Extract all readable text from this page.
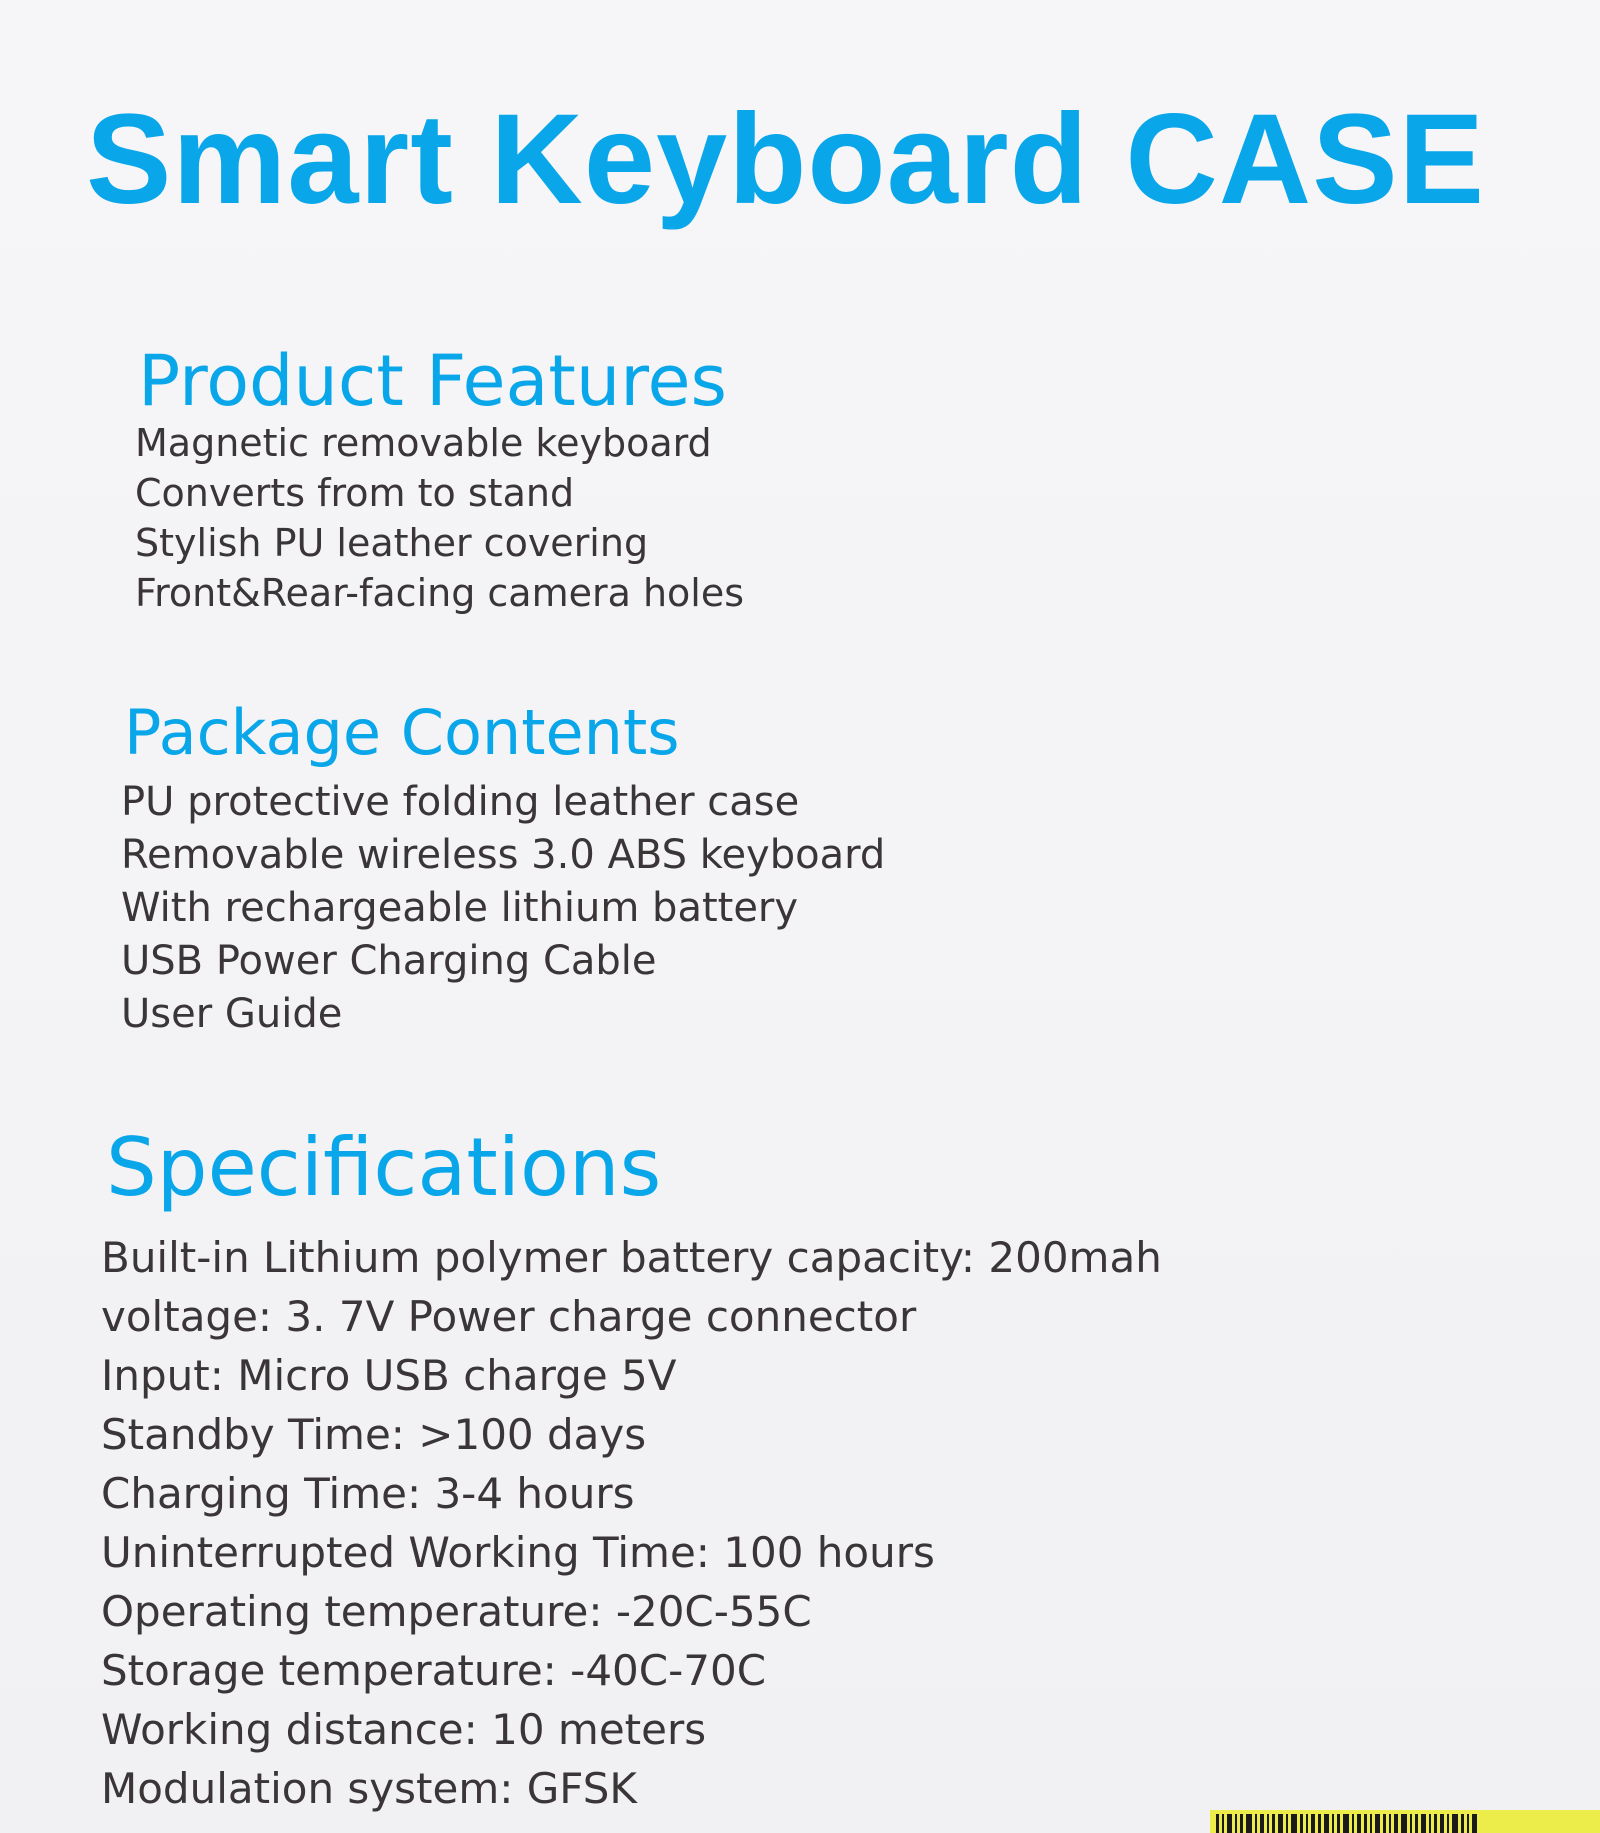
Smart Keyboard CASE
Product Features
Magnetic removable keyboard
Converts from to stand
Stylish PU leather covering
Front&Rear-facing camera holes
Package Contents
PU protective folding leather case
Removable wireless 3.0 ABS keyboard
With rechargeable lithium battery
USB Power Charging Cable
User Guide
Specifications
Built-in Lithium polymer battery capacity: 200mah
voltage: 3. 7V Power charge connector
Input: Micro USB charge 5V
Standby Time: >100 days
Charging Time: 3-4 hours
Uninterrupted Working Time: 100 hours
Operating temperature: -20C-55C
Storage temperature: -40C-70C
Working distance: 10 meters
Modulation system: GFSK
